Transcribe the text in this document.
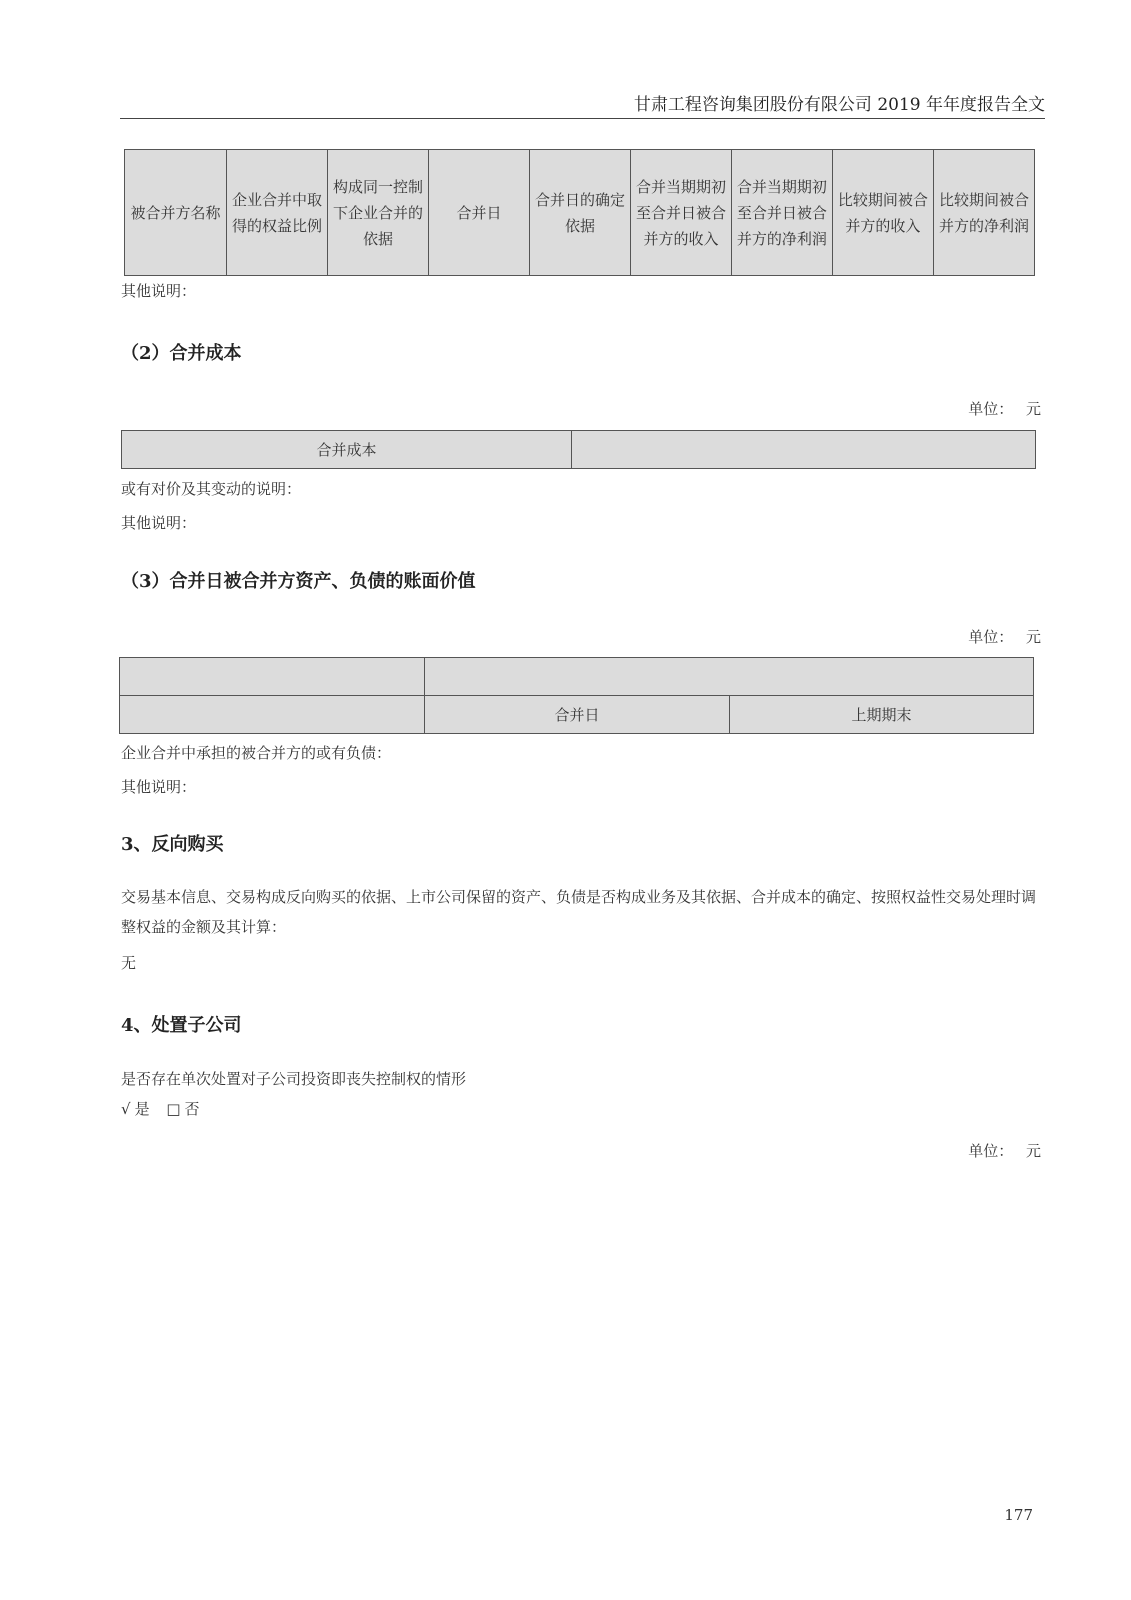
甘肃工程咨询集团股份有限公司 2019 年年度报告全文
被合并方名称	企业合并中取得的权益比例	构成同一控制下企业合并的依据	合并日	合并日的确定依据	合并当期期初至合并日被合并方的收入	合并当期期初至合并日被合并方的净利润	比较期间被合并方的收入	比较期间被合并方的净利润

其他说明：

（2）合并成本

单位： 元
合并成本	

或有对价及其变动的说明：

其他说明：

（3）合并日被合并方资产、负债的账面价值

单位： 元

	合并日	上期期末

企业合并中承担的被合并方的或有负债：

其他说明：

3、反向购买

交易基本信息、交易构成反向购买的依据、上市公司保留的资产、负债是否构成业务及其依据、合并成本的确定、按照权益性交易处理时调整权益的金额及其计算：

无

4、处置子公司

是否存在单次处置对子公司投资即丧失控制权的情形

√ 是 □ 否

单位： 元
177
